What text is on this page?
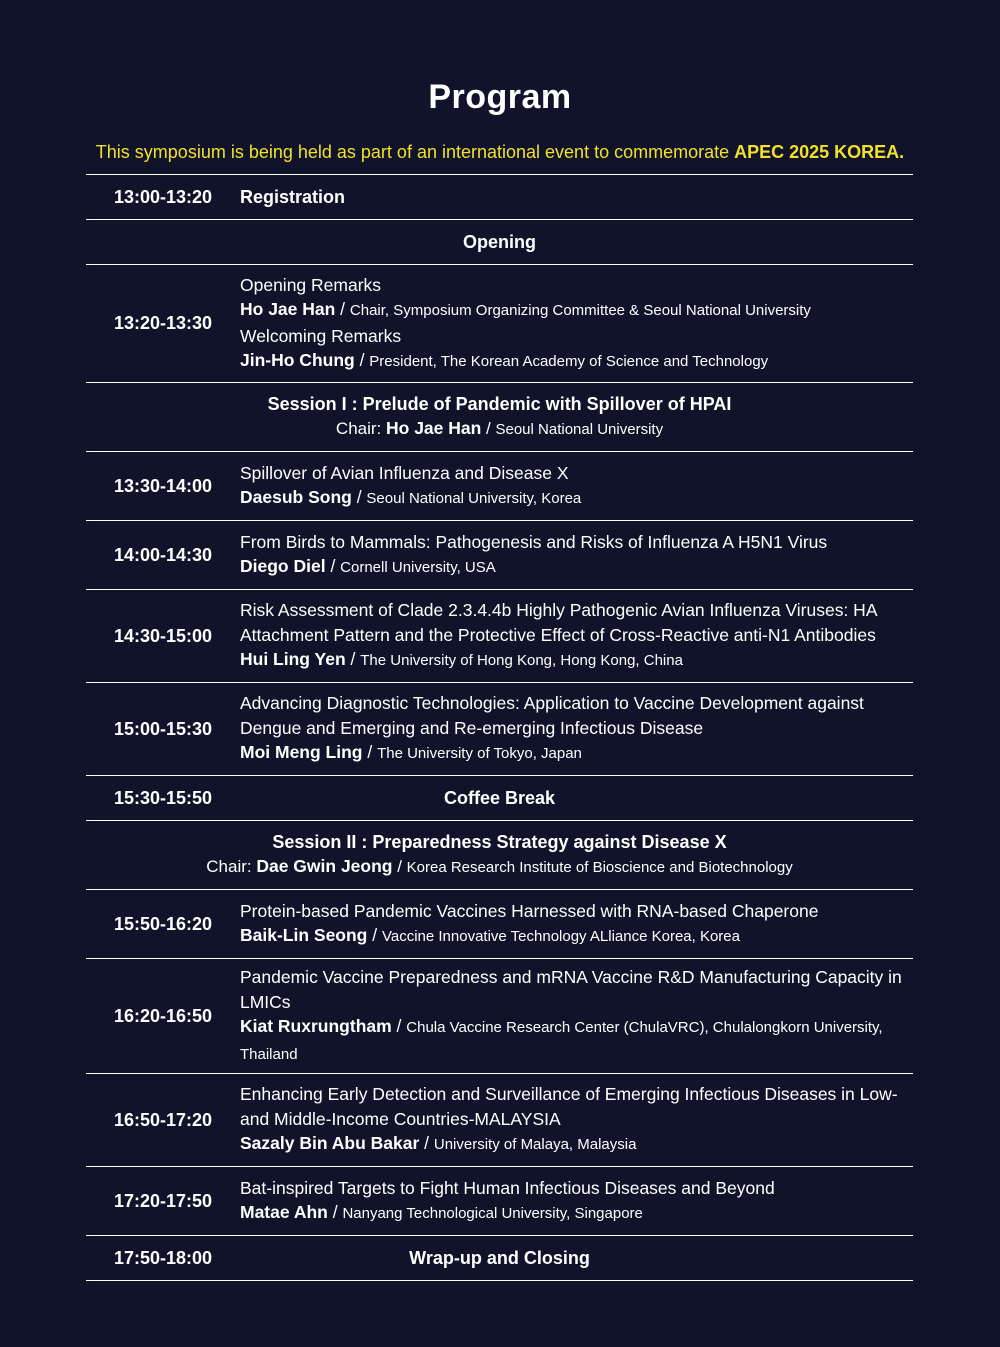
Program
This symposium is being held as part of an international event to commemorate APEC 2025 KOREA.
13:00-13:20	Registration
Opening
13:20-13:30
Opening Remarks
Ho Jae Han / Chair, Symposium Organizing Committee & Seoul National University
Welcoming Remarks
Jin-Ho Chung / President, The Korean Academy of Science and Technology
Session I : Prelude of Pandemic with Spillover of HPAI
Chair: Ho Jae Han / Seoul National University
13:30-14:00
Spillover of Avian Influenza and Disease X
Daesub Song / Seoul National University, Korea
14:00-14:30
From Birds to Mammals: Pathogenesis and Risks of Influenza A H5N1 Virus
Diego Diel / Cornell University, USA
14:30-15:00
Risk Assessment of Clade 2.3.4.4b Highly Pathogenic Avian Influenza Viruses: HA Attachment Pattern and the Protective Effect of Cross-Reactive anti-N1 Antibodies
Hui Ling Yen / The University of Hong Kong, Hong Kong, China
15:00-15:30
Advancing Diagnostic Technologies: Application to Vaccine Development against Dengue and Emerging and Re-emerging Infectious Disease
Moi Meng Ling / The University of Tokyo, Japan
15:30-15:50	Coffee Break
Session II : Preparedness Strategy against Disease X
Chair: Dae Gwin Jeong / Korea Research Institute of Bioscience and Biotechnology
15:50-16:20
Protein-based Pandemic Vaccines Harnessed with RNA-based Chaperone
Baik-Lin Seong / Vaccine Innovative Technology ALliance Korea, Korea
16:20-16:50
Pandemic Vaccine Preparedness and mRNA Vaccine R&D Manufacturing Capacity in LMICs
Kiat Ruxrungtham / Chula Vaccine Research Center (ChulaVRC), Chulalongkorn University, Thailand
16:50-17:20
Enhancing Early Detection and Surveillance of Emerging Infectious Diseases in Low- and Middle-Income Countries-MALAYSIA
Sazaly Bin Abu Bakar / University of Malaya, Malaysia
17:20-17:50
Bat-inspired Targets to Fight Human Infectious Diseases and Beyond
Matae Ahn / Nanyang Technological University, Singapore
17:50-18:00	Wrap-up and Closing
